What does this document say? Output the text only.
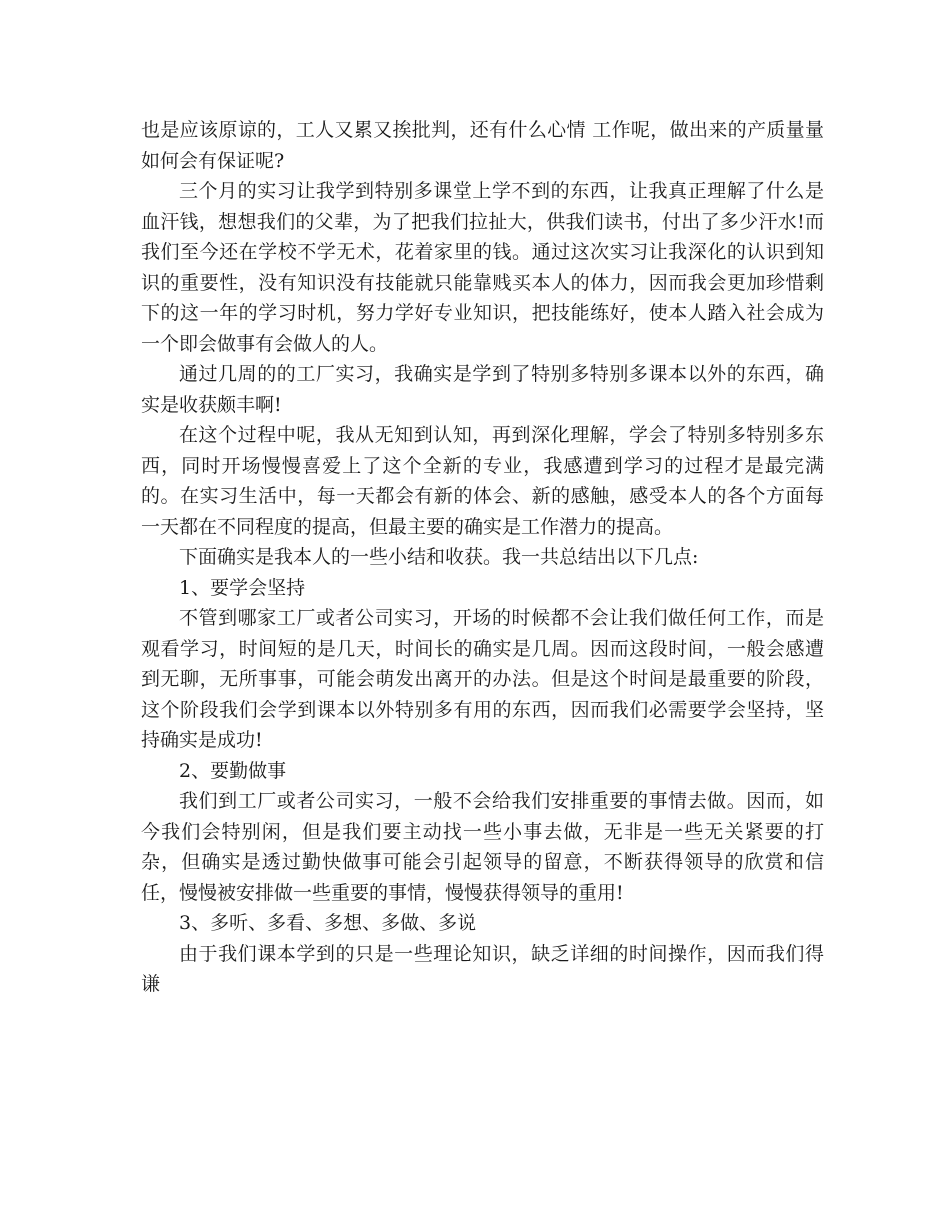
也是应该原谅的，工人又累又挨批判，还有什么心情 工作呢，做出来的产质量量如何会有保证呢?

三个月的实习让我学到特别多课堂上学不到的东西，让我真正理解了什么是血汗钱，想想我们的父辈，为了把我们拉扯大，供我们读书，付出了多少汗水!而我们至今还在学校不学无术，花着家里的钱。通过这次实习让我深化的认识到知识的重要性，没有知识没有技能就只能靠贱买本人的体力，因而我会更加珍惜剩下的这一年的学习时机，努力学好专业知识，把技能练好，使本人踏入社会成为一个即会做事有会做人的人。

通过几周的的工厂实习，我确实是学到了特别多特别多课本以外的东西，确实是收获颇丰啊!

在这个过程中呢，我从无知到认知，再到深化理解，学会了特别多特别多东西，同时开场慢慢喜爱上了这个全新的专业，我感遭到学习的过程才是最完满的。在实习生活中，每一天都会有新的体会、新的感触，感受本人的各个方面每一天都在不同程度的提高，但最主要的确实是工作潜力的提高。

下面确实是我本人的一些小结和收获。我一共总结出以下几点:

1、要学会坚持

不管到哪家工厂或者公司实习，开场的时候都不会让我们做任何工作，而是观看学习，时间短的是几天，时间长的确实是几周。因而这段时间，一般会感遭到无聊，无所事事，可能会萌发出离开的办法。但是这个时间是最重要的阶段，这个阶段我们会学到课本以外特别多有用的东西，因而我们必需要学会坚持，坚持确实是成功!

2、要勤做事

我们到工厂或者公司实习，一般不会给我们安排重要的事情去做。因而，如今我们会特别闲，但是我们要主动找一些小事去做，无非是一些无关紧要的打杂，但确实是透过勤快做事可能会引起领导的留意，不断获得领导的欣赏和信任，慢慢被安排做一些重要的事情，慢慢获得领导的重用!

3、多听、多看、多想、多做、多说

由于我们课本学到的只是一些理论知识，缺乏详细的时间操作，因而我们得谦
